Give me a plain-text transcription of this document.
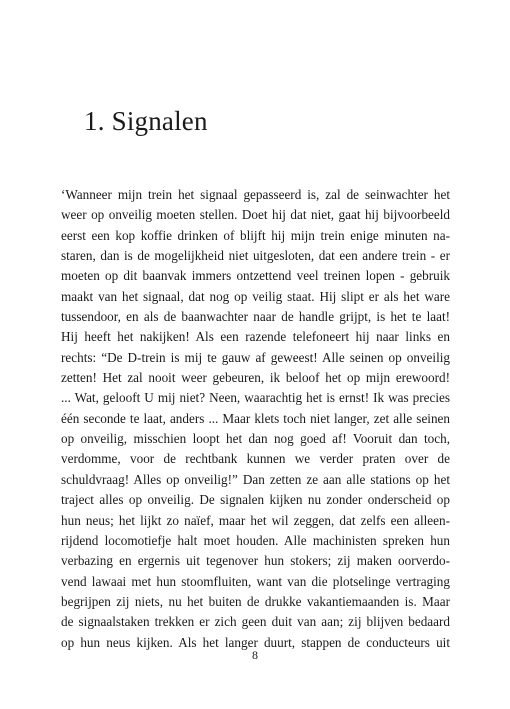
1. Signalen
‘Wanneer mijn trein het signaal gepasseerd is, zal de seinwachter het
weer op onveilig moeten stellen. Doet hij dat niet, gaat hij bijvoorbeeld
eerst een kop koffie drinken of blijft hij mijn trein enige minuten na-
staren, dan is de mogelijkheid niet uitgesloten, dat een andere trein - er
moeten op dit baanvak immers ontzettend veel treinen lopen - gebruik
maakt van het signaal, dat nog op veilig staat. Hij slipt er als het ware
tussendoor, en als de baanwachter naar de handle grijpt, is het te laat!
Hij heeft het nakijken! Als een razende telefoneert hij naar links en
rechts: “De D-trein is mij te gauw af geweest! Alle seinen op onveilig
zetten! Het zal nooit weer gebeuren, ik beloof het op mijn erewoord!
... Wat, gelooft U mij niet? Neen, waarachtig het is ernst! Ik was precies
één seconde te laat, anders ... Maar klets toch niet langer, zet alle seinen
op onveilig, misschien loopt het dan nog goed af! Vooruit dan toch,
verdomme, voor de rechtbank kunnen we verder praten over de
schuldvraag! Alles op onveilig!” Dan zetten ze aan alle stations op het
traject alles op onveilig. De signalen kijken nu zonder onderscheid op
hun neus; het lijkt zo naïef, maar het wil zeggen, dat zelfs een alleen-
rijdend locomotiefje halt moet houden. Alle machinisten spreken hun
verbazing en ergernis uit tegenover hun stokers; zij maken oorverdo-
vend lawaai met hun stoomfluiten, want van die plotselinge vertraging
begrijpen zij niets, nu het buiten de drukke vakantiemaanden is. Maar
de signaalstaken trekken er zich geen duit van aan; zij blijven bedaard
op hun neus kijken. Als het langer duurt, stappen de conducteurs uit
8
